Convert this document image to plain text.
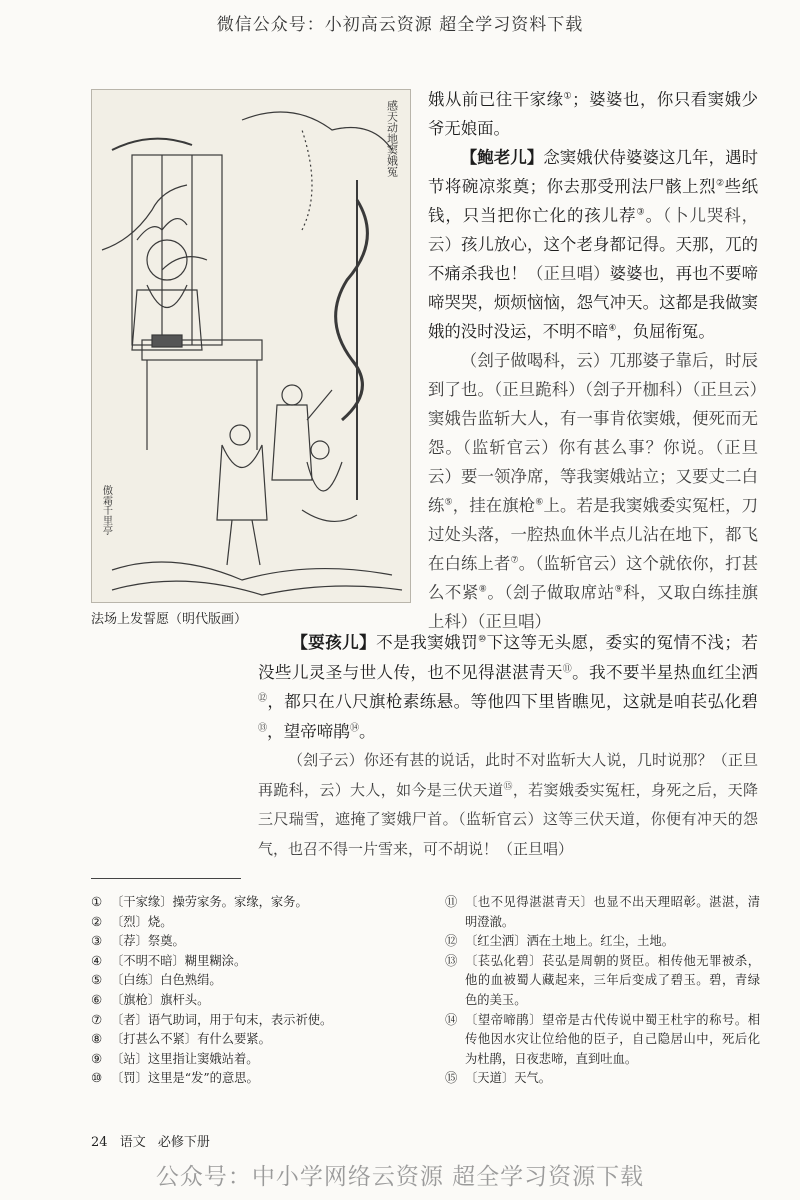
微信公众号：小初高云资源 超全学习资料下载
感天动地窦娥冤
傲霜千里亭
法场上发誓愿（明代版画）

娥从前已往干家缘①；婆婆也，你只看窦娥少爷无娘面。

【鲍老儿】念窦娥伏侍婆婆这几年，遇时节将碗凉浆奠；你去那受刑法尸骸上烈②些纸钱，只当把你亡化的孩儿荐③。（卜儿哭科，云）孩儿放心，这个老身都记得。天那，兀的不痛杀我也！（正旦唱）婆婆也，再也不要啼啼哭哭，烦烦恼恼，怨气冲天。这都是我做窦娥的没时没运，不明不暗④，负屈衔冤。

（刽子做喝科，云）兀那婆子靠后，时辰到了也。（正旦跪科）（刽子开枷科）（正旦云）窦娥告监斩大人，有一事肯依窦娥，便死而无怨。（监斩官云）你有甚么事？你说。（正旦云）要一领净席，等我窦娥站立；又要丈二白练⑤，挂在旗枪⑥上。若是我窦娥委实冤枉，刀过处头落，一腔热血休半点儿沾在地下，都飞在白练上者⑦。（监斩官云）这个就依你，打甚么不紧⑧。（刽子做取席站⑨科，又取白练挂旗上科）（正旦唱）

【耍孩儿】不是我窦娥罚⑩下这等无头愿，委实的冤情不浅；若没些儿灵圣与世人传，也不见得湛湛青天⑪。我不要半星热血红尘洒⑫，都只在八尺旗枪素练悬。等他四下里皆瞧见，这就是咱苌弘化碧⑬，望帝啼鹃⑭。

（刽子云）你还有甚的说话，此时不对监斩大人说，几时说那？（正旦再跪科，云）大人，如今是三伏天道⑮，若窦娥委实冤枉，身死之后，天降三尺瑞雪，遮掩了窦娥尸首。（监斩官云）这等三伏天道，你便有冲天的怨气，也召不得一片雪来，可不胡说！（正旦唱）

① 〔干家缘〕操劳家务。家缘，家务。
② 〔烈〕烧。
③ 〔荐〕祭奠。
④ 〔不明不暗〕糊里糊涂。
⑤ 〔白练〕白色熟绢。
⑥ 〔旗枪〕旗杆头。
⑦ 〔者〕语气助词，用于句末，表示祈使。
⑧ 〔打甚么不紧〕有什么要紧。
⑨ 〔站〕这里指让窦娥站着。
⑩ 〔罚〕这里是“发”的意思。
⑪ 〔也不见得湛湛青天〕也显不出天理昭彰。湛湛，清明澄澈。
⑫ 〔红尘洒〕洒在土地上。红尘，土地。
⑬ 〔苌弘化碧〕苌弘是周朝的贤臣。相传他无罪被杀，他的血被蜀人藏起来，三年后变成了碧玉。碧，青绿色的美玉。
⑭ 〔望帝啼鹃〕望帝是古代传说中蜀王杜宇的称号。相传他因水灾让位给他的臣子，自己隐居山中，死后化为杜鹃，日夜悲啼，直到吐血。
⑮ 〔天道〕天气。
24 语文 必修下册
公众号：中小学网络云资源 超全学习资源下载
